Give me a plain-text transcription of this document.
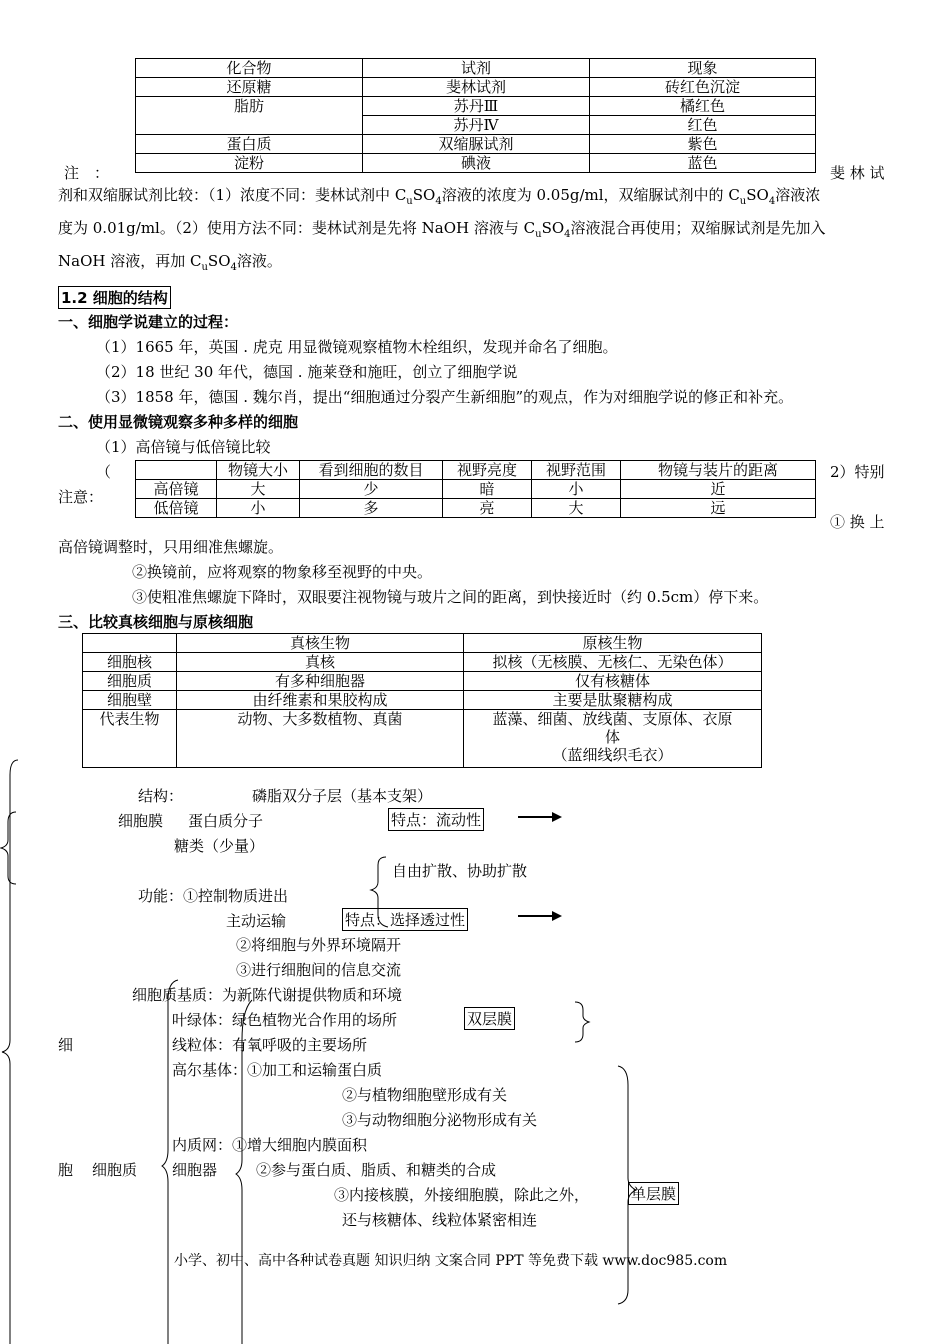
化合物	试剂	现象
还原糖	斐林试剂	砖红色沉淀
脂肪	苏丹Ⅲ	橘红色
	苏丹Ⅳ	红色
蛋白质	双缩脲试剂	紫色
淀粉	碘液	蓝色
注　：	斐 林 试
剂和双缩脲试剂比较：（1）浓度不同：斐林试剂中 $C_uSO_4$溶液的浓度为 0.05g/ml，双缩脲试剂中的 $C_uSO_4$溶液浓
度为 0.01g/ml。（2）使用方法不同：斐林试剂是先将 NaOH 溶液与 $C_uSO_4$溶液混合再使用；双缩脲试剂是先加入
NaOH 溶液，再加 $C_uSO_4$溶液。
1.2 细胞的结构
一、细胞学说建立的过程：
（1）1665 年，英国 . 虎克 用显微镜观察植物木栓组织，发现并命名了细胞。
（2）18 世纪 30 年代，德国 . 施莱登和施旺，创立了细胞学说
（3）1858 年，德国 . 魏尔肖，提出“细胞通过分裂产生新细胞”的观点，作为对细胞学说的修正和补充。
二、使用显微镜观察多种多样的细胞
（1）高倍镜与低倍镜比较
（
注意：
2）特别
① 换 上
	物镜大小	看到细胞的数目	视野亮度	视野范围	物镜与装片的距离
高倍镜	大	少	暗	小	近
低倍镜	小	多	亮	大	远
高倍镜调整时，只用细准焦螺旋。
②换镜前，应将观察的物象移至视野的中央。
③使粗准焦螺旋下降时，双眼要注视物镜与玻片之间的距离，到快接近时（约 0.5cm）停下来。
三、比较真核细胞与原核细胞
	真核生物	原核生物
细胞核	真核	拟核（无核膜、无核仁、无染色体）
细胞质	有多种细胞器	仅有核糖体
细胞壁	由纤维素和果胶构成	主要是肽聚糖构成
代表生物	动物、大多数植物、真菌	蓝藻、细菌、放线菌、支原体、衣原
体
（蓝细线织毛衣）
结构：	磷脂双分子层（基本支架）
细胞膜 蛋白质分子	特点：流动性
糖类（少量）
自由扩散、协助扩散
功能：①控制物质进出
主动运输	特点：选择透过性
②将细胞与外界环境隔开
③进行细胞间的信息交流
细胞质基质：为新陈代谢提供物质和环境
叶绿体：绿色植物光合作用的场所	双层膜
细	线粒体：有氧呼吸的主要场所
高尔基体：①加工和运输蛋白质
②与植物细胞壁形成有关
③与动物细胞分泌物形成有关
内质网：①增大细胞内膜面积
胞 细胞质 细胞器	②参与蛋白质、脂质、和糖类的合成
③内接核膜，外接细胞膜，除此之外，	单层膜
还与核糖体、线粒体紧密相连
小学、初中、高中各种试卷真题 知识归纳 文案合同 PPT 等免费下载 www.doc985.com
